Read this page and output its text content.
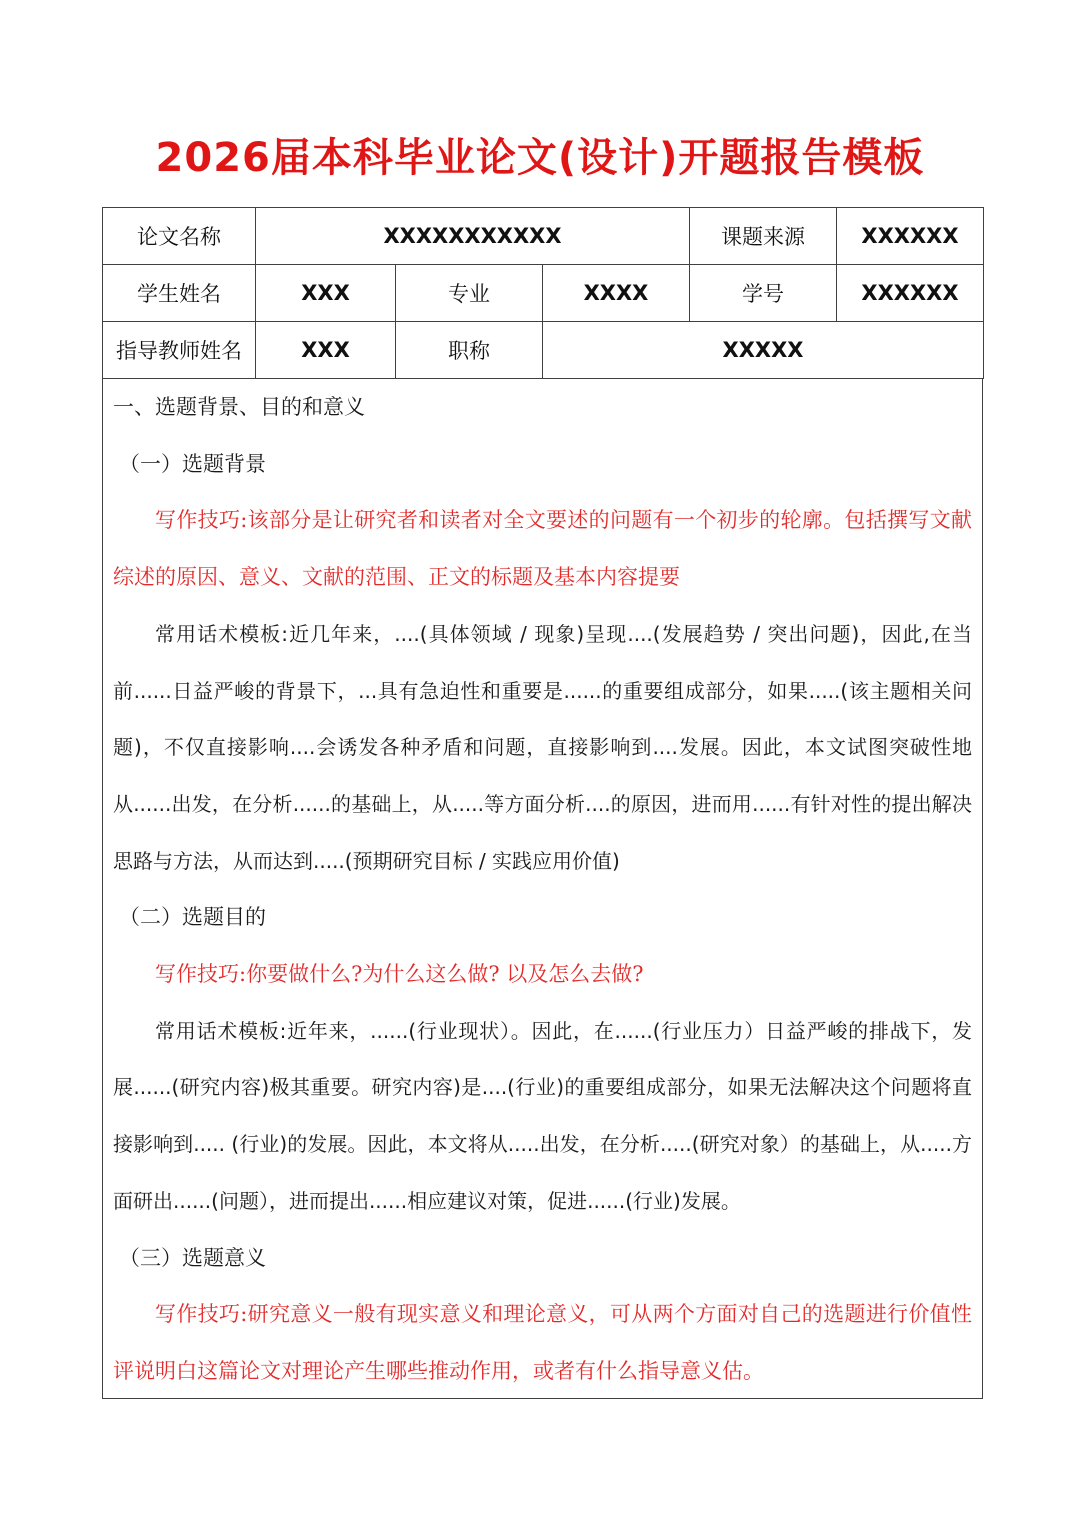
2026届本科毕业论文(设计)开题报告模板
论文名称	XXXXXXXXXXX			课题来源	XXXXXX
学生姓名	XXX	专业	XXXX	学号	XXXXXX
指导教师姓名	XXX	职称	XXXXX		

一、选题背景、目的和意义

（一）选题背景

写作技巧:该部分是让研究者和读者对全文要述的问题有一个初步的轮廓。包括撰写文献综述的原因、意义、文献的范围、正文的标题及基本内容提要

常用话术模板:近几年来，....(具体领域 / 现象)呈现....(发展趋势 / 突出问题)，因此,在当前......日益严峻的背景下，...具有急迫性和重要是......的重要组成部分，如果.....(该主题相关问题)，不仅直接影响....会诱发各种矛盾和问题，直接影响到....发展。因此，本文试图突破性地从......出发，在分析......的基础上，从.....等方面分析....的原因，进而用......有针对性的提出解决思路与方法，从而达到.....(预期研究目标 / 实践应用价值)

（二）选题目的

写作技巧:你要做什么?为什么这么做? 以及怎么去做?

常用话术模板:近年来，......(行业现状）。因此，在......(行业压力）日益严峻的排战下，发展......(研究内容)极其重要。研究内容)是....(行业)的重要组成部分，如果无法解决这个问题将直接影响到..... (行业)的发展。因此，本文将从.....出发，在分析.....(研究对象）的基础上，从.....方面研出......(问题），进而提出......相应建议对策，促进......(行业)发展。

（三）选题意义

写作技巧:研究意义一般有现实意义和理论意义，可从两个方面对自己的选题进行价值性评说明白这篇论文对理论产生哪些推动作用，或者有什么指导意义估。
